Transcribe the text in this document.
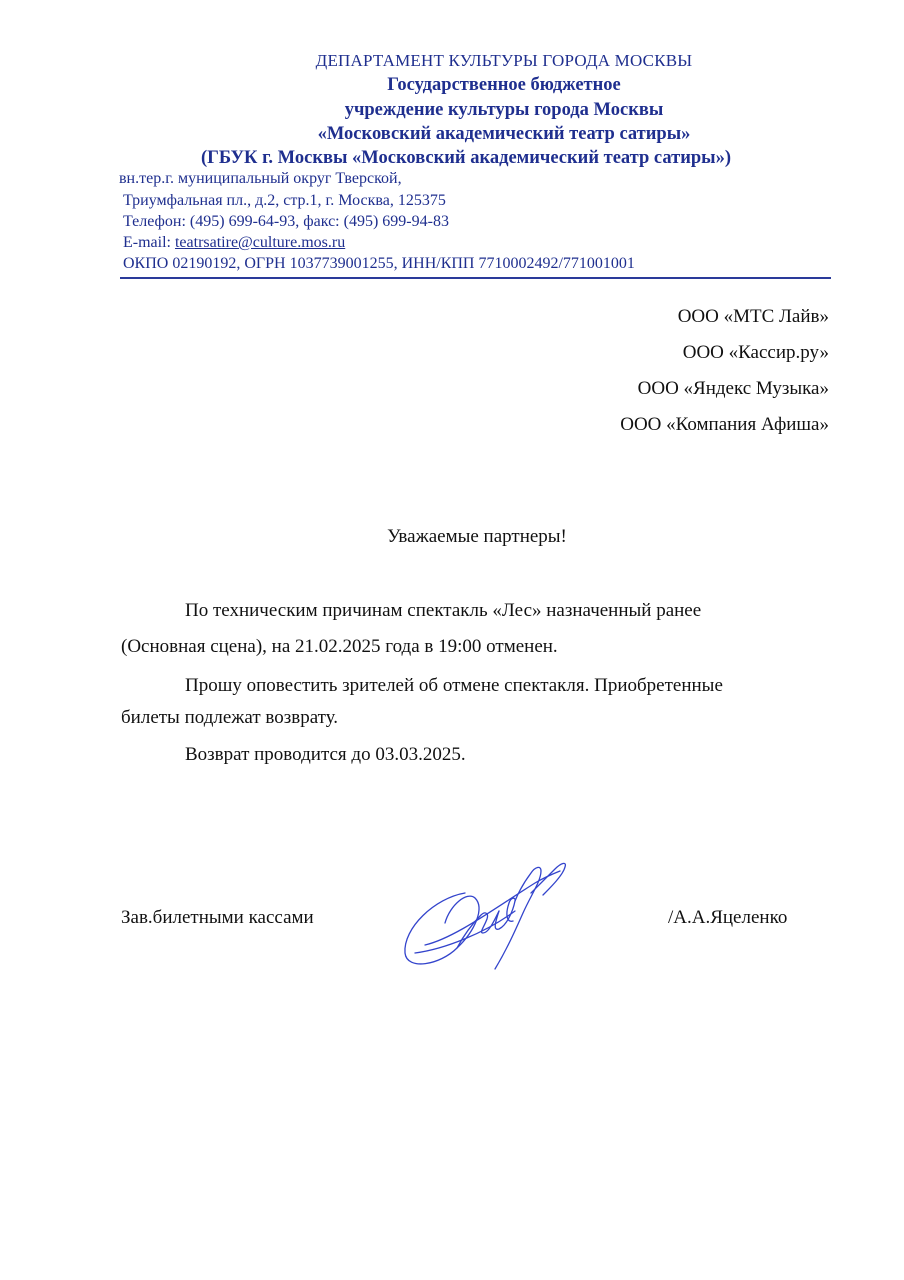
ДЕПАРТАМЕНТ КУЛЬТУРЫ ГОРОДА МОСКВЫ
Государственное бюджетное
учреждение культуры города Москвы
«Московский академический театр сатиры»
(ГБУК г. Москвы «Московский академический театр сатиры»)
вн.тер.г. муниципальный округ Тверской,
Триумфальная пл., д.2, стр.1, г. Москва, 125375
Телефон: (495) 699-64-93, факс: (495) 699-94-83
E-mail: teatrsatire@culture.mos.ru
ОКПО 02190192, ОГРН 1037739001255, ИНН/КПП 7710002492/771001001
ООО «МТС Лайв»
ООО «Кассир.ру»
ООО «Яндекс Музыка»
ООО «Компания Афиша»
Уважаемые партнеры!
По техническим причинам спектакль «Лес» назначенный ранее
(Основная сцена), на 21.02.2025 года в 19:00 отменен.
Прошу оповестить зрителей об отмене спектакля. Приобретенные
билеты подлежат возврату.
Возврат проводится до 03.03.2025.
Зав.билетными кассами	/А.А.Яцеленко
